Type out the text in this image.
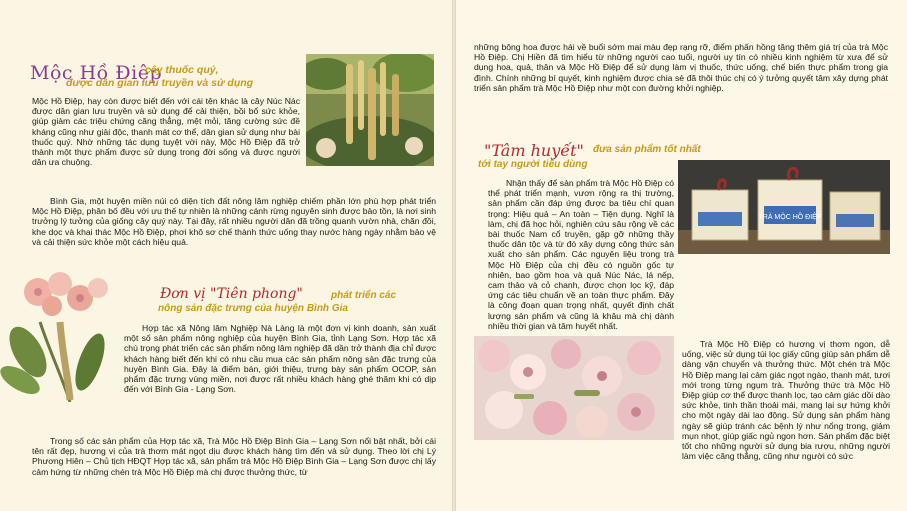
Mộc Hồ Điệp
cây thuốc quý,
được dân gian lưu truyền và sử dụng

Mộc Hồ Điệp, hay còn được biết đến với cái tên khác là cây Núc Nác được dân gian lưu truyền và sử dụng để cải thiện, bồi bổ sức khỏe, giúp giảm các triệu chứng căng thẳng, mệt mỏi, tăng cường sức đề kháng cũng như giải độc, thanh mát cơ thể, dân gian sử dụng như bài thuốc quý. Nhờ những tác dụng tuyệt vời này, Mộc Hồ Điệp đã trở thành một thực phẩm được sử dụng trong đời sống và được người dân ưa chuộng.

Bình Gia, một huyện miền núi có diện tích đất nông lâm nghiệp chiếm phần lớn phù hợp phát triển Mộc Hồ Điệp, phân bố đều với ưu thế tự nhiên là những cánh rừng nguyên sinh được bảo tồn, là nơi sinh trưởng lý tưởng của giống cây quý này. Tại đây, rất nhiều người dân đã trồng quanh vườn nhà, chăn đồi, khe dọc và khai thác Mộc Hồ Điệp, phơi khô sơ chế thành thức uống thay nước hàng ngày nhằm bảo vệ và cải thiện sức khỏe một cách hiệu quả.

Đơn vị "Tiên phong"	phát triển các
nông sản đặc trưng của huyện Bình Gia

Hợp tác xã Nông lâm Nghiệp Nà Làng là một đơn vị kinh doanh, sản xuất một số sản phẩm nông nghiệp của huyện Bình Gia, tỉnh Lạng Sơn. Hợp tác xã chú trọng phát triển các sản phẩm nông lâm nghiệp đã dần trở thành địa chỉ được khách hàng biết đến khi có nhu cầu mua các sản phẩm nông sản đặc trưng của huyện Bình Gia. Đây là điểm bán, giới thiệu, trưng bày sản phẩm OCOP, sản phẩm đặc trưng vùng miền, nơi được rất nhiều khách hàng ghé thăm khi có dịp đến với Bình Gia - Lạng Sơn.

Trong số các sản phẩm của Hợp tác xã, Trà Mộc Hồ Điệp Bình Gia – Lạng Sơn nổi bật nhất, bởi cái tên rất đẹp, hương vị của trà thơm mát ngọt dịu được khách hàng tìm đến và sử dụng. Theo lời chị Lý Phương Hiên – Chủ tịch HĐQT Hợp tác xã, sản phẩm trà Mộc Hồ Điệp Bình Gia – Lạng Sơn được chị lấy cảm hứng từ những chén trà Mộc Hồ Điệp mà chị được thưởng thức, từ

những bông hoa được hái về buổi sớm mai màu đẹp rạng rỡ, điểm phấn hồng tăng thêm giá trị của trà Mộc Hồ Điệp. Chị Hiền đã tìm hiểu từ những người cao tuổi, người uy tín có nhiều kinh nghiệm từ xưa để sử dụng hoa, quả, thân và Mộc Hồ Điệp để sử dụng làm vị thuốc, thức uống, chế biến thực phẩm trong gia đình. Chính những bí quyết, kinh nghiệm được chia sẻ đã thôi thúc chị có ý tưởng quyết tâm xây dựng phát triển sản phẩm trà Mộc Hồ Điệp như một con đường khởi nghiệp.

"Tâm huyết" đưa sản phẩm tốt nhất
tới tay người tiêu dùng
TRÀ MỘC HỒ ĐIỆP

Nhận thấy để sản phẩm trà Mộc Hồ Điệp có thể phát triển mạnh, vươn rộng ra thị trường, sản phẩm cần đáp ứng được ba tiêu chí quan trọng: Hiệu quả – An toàn – Tiện dụng. Nghĩ là làm, chị đã học hỏi, nghiên cứu sâu rộng về các bài thuốc Nam cổ truyền, gặp gỡ những thầy thuốc dân tộc và từ đó xây dựng công thức sản xuất cho sản phẩm. Các nguyên liệu trong trà Mộc Hồ Điệp của chị đều có nguồn gốc tự nhiên, bao gồm hoa và quả Núc Nác, lá nếp, cam thảo và cỏ chanh, được chọn lọc kỹ, đáp ứng các tiêu chuẩn về an toàn thực phẩm. Đây là công đoạn quan trọng nhất, quyết định chất lượng sản phẩm và cũng là khâu mà chị dành nhiều thời gian và tâm huyết nhất.

Trà Mộc Hồ Điệp có hương vị thơm ngon, dễ uống, việc sử dụng túi lọc giấy cũng giúp sản phẩm dễ dàng vận chuyển và thưởng thức. Một chén trà Mộc Hồ Điệp mang lại cảm giác ngọt ngào, thanh mát, tươi mới trong từng ngụm trà. Thưởng thức trà Mộc Hồ Điệp giúp cơ thể được thanh lọc, tạo cảm giác dồi dào sức khỏe, tinh thần thoải mái, mang lại sự hứng khởi cho một ngày dài lao động. Sử dụng sản phẩm hàng ngày sẽ giúp tránh các bệnh lý như nổng trong, giảm mụn nhọt, giúp giấc ngủ ngon hơn. Sản phẩm đặc biệt tốt cho những người sử dụng bia rượu, những người làm việc căng thẳng, cũng như người có sức
